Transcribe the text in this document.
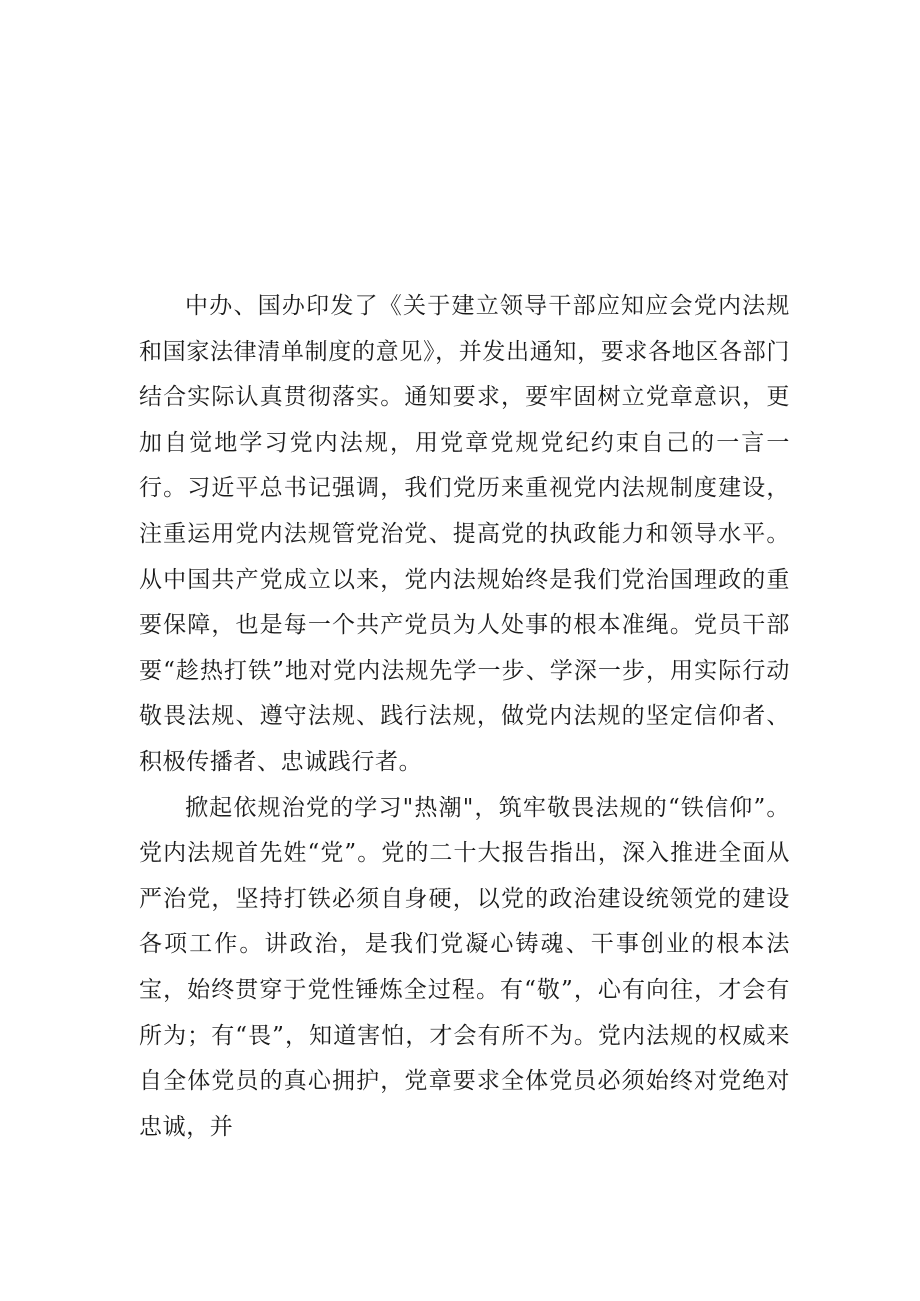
中办、国办印发了《关于建立领导干部应知应会党内法规和国家法律清单制度的意见》，并发出通知，要求各地区各部门结合实际认真贯彻落实。通知要求，要牢固树立党章意识，更加自觉地学习党内法规，用党章党规党纪约束自己的一言一行。习近平总书记强调，我们党历来重视党内法规制度建设，注重运用党内法规管党治党、提高党的执政能力和领导水平。从中国共产党成立以来，党内法规始终是我们党治国理政的重要保障，也是每一个共产党员为人处事的根本准绳。党员干部要“趁热打铁”地对党内法规先学一步、学深一步，用实际行动敬畏法规、遵守法规、践行法规，做党内法规的坚定信仰者、积极传播者、忠诚践行者。

掀起依规治党的学习"热潮"，筑牢敬畏法规的“铁信仰”。党内法规首先姓“党”。党的二十大报告指出，深入推进全面从严治党，坚持打铁必须自身硬，以党的政治建设统领党的建设各项工作。讲政治，是我们党凝心铸魂、干事创业的根本法宝，始终贯穿于党性锤炼全过程。有“敬”，心有向往，才会有所为；有“畏”，知道害怕，才会有所不为。党内法规的权威来自全体党员的真心拥护，党章要求全体党员必须始终对党绝对忠诚，并
